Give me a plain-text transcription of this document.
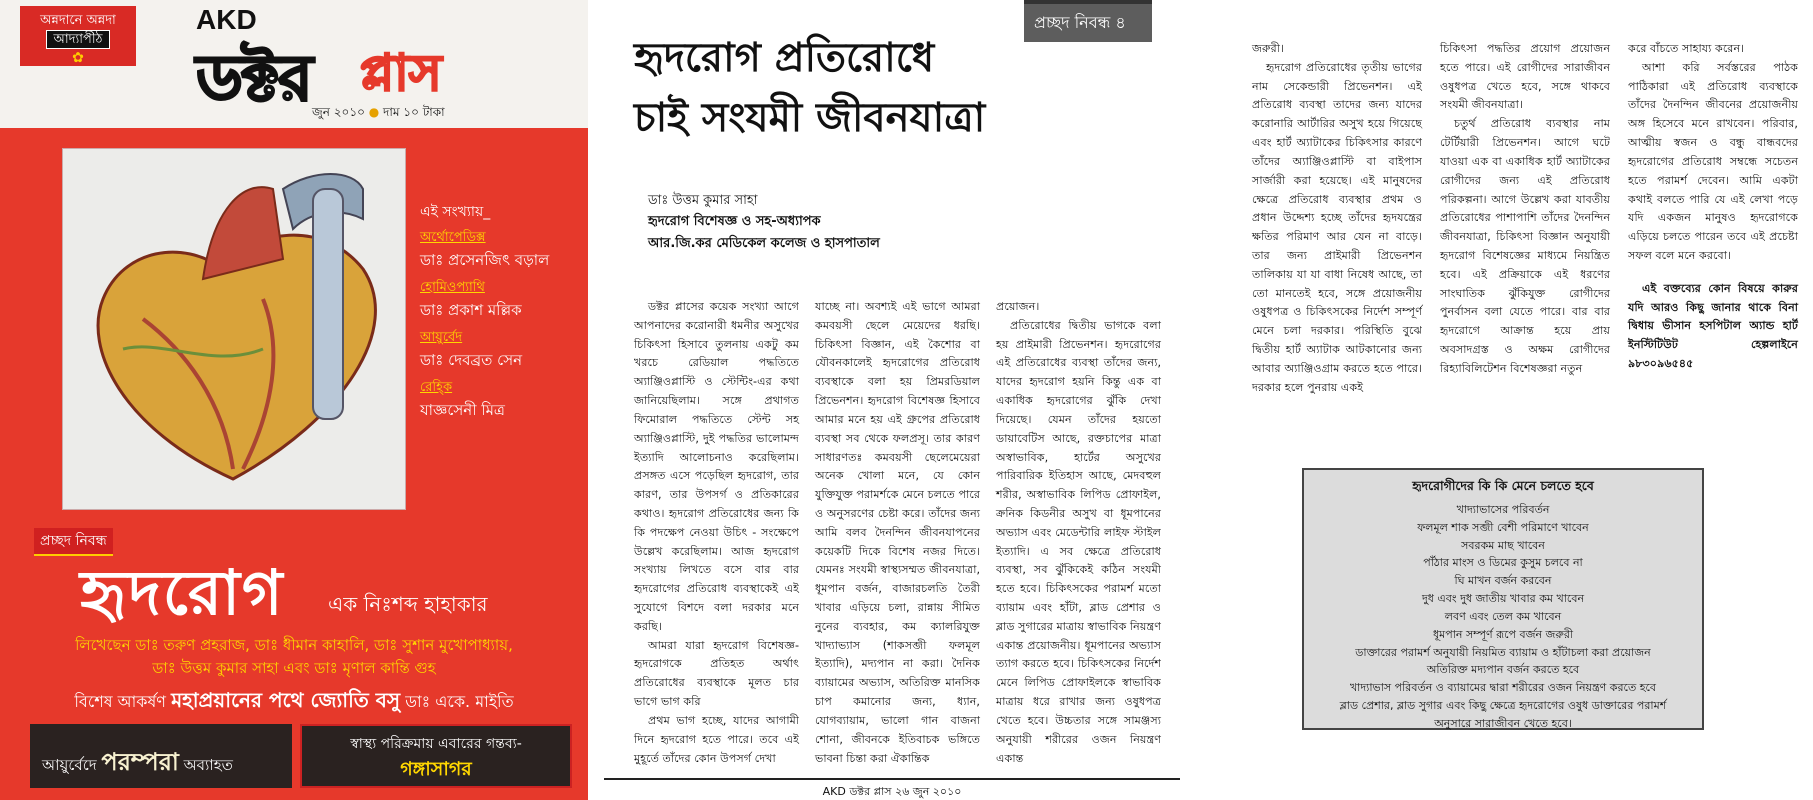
অন্নদানে অন্নদা
আদ্যাপীঠ
✿
AKD
ডক্টর প্লাস
জুন ২০১০ ● দাম ১০ টাকা
এই সংখ্যায়_
অর্থোপেডিক্স
ডাঃ প্রসেনজিৎ বড়াল
হোমিওপ্যাথি
ডাঃ প্রকাশ মল্লিক
আয়ুর্বেদ
ডাঃ দেবব্রত সেন
রেহ্কি
যাজ্ঞসেনী মিত্র
প্রচ্ছদ নিবন্ধ
হৃদরোগ এক নিঃশব্দ হাহাকার
লিখেছেন ডাঃ তরুণ প্রহরাজ, ডাঃ ধীমান কাহালি, ডাঃ সুশান মুখোপাধ্যায়,
ডাঃ উত্তম কুমার সাহা এবং ডাঃ মৃণাল কান্তি গুহ
বিশেষ আকর্ষণ মহাপ্রয়ানের পথে জ্যোতি বসু ডাঃ একে. মাইতি
আয়ুর্বেদে পরম্পরা অব্যাহত
স্বাস্থ্য পরিক্রমায় এবারের গন্তব্য-
গঙ্গাসাগর
প্রচ্ছদ নিবন্ধ ৪
হৃদরোগ প্রতিরোধে
চাই সংযমী জীবনযাত্রা
ডাঃ উত্তম কুমার সাহা
হৃদরোগ বিশেষজ্ঞ ও সহ-অধ্যাপক
আর.জি.কর মেডিকেল কলেজ ও হাসপাতাল

ডক্টর প্লাসের কয়েক সংখ্যা আগে আপনাদের করোনারী ধমনীর অসুখের চিকিৎসা হিসাবে তুলনায় একটু কম খরচে রেডিয়াল পদ্ধতিতে অ্যাঞ্জিওপ্লাস্টি ও স্টেন্টিং-এর কথা জানিয়েছিলাম। সঙ্গে প্রথাগত ফিমোরাল পদ্ধতিতে স্টেন্ট সহ অ্যাঞ্জিওপ্লাস্টি, দুই পদ্ধতির ভালোমন্দ ইত্যাদি আলোচনাও করেছিলাম। প্রসঙ্গত এসে পড়েছিল হৃদরোগ, তার কারণ, তার উপসর্গ ও প্রতিকারের কথাও। হৃদরোগ প্রতিরোধের জন্য কি কি পদক্ষেপ নেওয়া উচিৎ - সংক্ষেপে উল্লেখ করেছিলাম। আজ হৃদরোগ সংখ্যায় লিখতে বসে বার বার হৃদরোগের প্রতিরোধ ব্যবস্থাকেই এই সুযোগে বিশদে বলা দরকার মনে করছি।

আমরা যারা হৃদরোগ বিশেষজ্ঞ- হৃদরোগকে প্রতিহত অর্থাৎ প্রতিরোধের ব্যবস্থাকে মূলত চার ভাগে ভাগ করি

প্রথম ভাগ হচ্ছে, যাদের আগামী দিনে হৃদরোগ হতে পারে। তবে এই মুহূর্তে তাঁদের কোন উপসর্গ দেখা

যাচ্ছে না। অবশ্যই এই ভাগে আমরা কমবয়সী ছেলে মেয়েদের ধরছি। চিকিৎসা বিজ্ঞান, এই কৈশোর বা যৌবনকালেই হৃদরোগের প্রতিরোধ ব্যবস্থাকে বলা হয় প্রিমরডিয়াল প্রিভেনশন। হৃদরোগ বিশেষজ্ঞ হিসাবে আমার মনে হয় এই গ্রুপের প্রতিরোধ ব্যবস্থা সব থেকে ফলপ্রসূ। তার কারণ সাধারণতঃ কমবয়সী ছেলেমেয়েরা অনেক খোলা মনে, যে কোন যুক্তিযুক্ত পরামর্শকে মেনে চলতে পারে ও অনুসরণের চেষ্টা করে। তাঁদের জন্য আমি বলব দৈনন্দিন জীবনযাপনের কয়েকটি দিকে বিশেষ নজর দিতে। যেমনঃ সংযমী স্বাস্থ্যসম্মত জীবনযাত্রা, ধূমপান বর্জন, বাজারচলতি তৈরী খাবার এড়িয়ে চলা, রান্নায় সীমিত নুনের ব্যবহার, কম ক্যালরিযুক্ত খাদ্যাভ্যাস (শাকসব্জী ফলমূল ইত্যাদি), মদ্যপান না করা। দৈনিক ব্যায়ামের অভ্যাস, অতিরিক্ত মানসিক চাপ কমানোর জন্য, ধ্যান, যোগব্যায়াম, ভালো গান বাজনা শোনা, জীবনকে ইতিবাচক ভঙ্গিতে ভাবনা চিন্তা করা ঐকান্তিক

প্রয়োজন।

প্রতিরোধের দ্বিতীয় ভাগকে বলা হয় প্রাইমারী প্রিভেনশন। হৃদরোগের এই প্রতিরোধের ব্যবস্থা তাঁদের জন্য, যাদের হৃদরোগ হয়নি কিন্তু এক বা একাধিক হৃদরোগের ঝুঁকি দেখা দিয়েছে। যেমন তাঁদের হয়তো ডায়াবেটিস আছে, রক্তচাপের মাত্রা অস্বাভাবিক, হার্টের অসুখের পারিবারিক ইতিহাস আছে, মেদবহুল শরীর, অস্বাভাবিক লিপিড প্রোফাইল, ক্রনিক কিডনীর অসুখ বা ধূমপানের অভ্যাস এবং মেডেন্টারি লাইফ স্টাইল ইত্যাদি। এ সব ক্ষেত্রে প্রতিরোধ ব্যবস্থা, সব ঝুঁকিকেই কঠিন সংযমী হতে হবে। চিকিৎসকের পরামর্শ মতো ব্যায়াম এবং হাঁটা, ব্লাড প্রেশার ও ব্লাড সুগারের মাত্রায় স্বাভাবিক নিয়ন্ত্রণ একান্ত প্রয়োজনীয়। ধূমপানের অভ্যাস ত্যাগ করতে হবে। চিকিৎসকের নির্দেশ মেনে লিপিড প্রোফাইলকে স্বাভাবিক মাত্রায় ধরে রাখার জন্য ওষুধপত্র খেতে হবে। উচ্চতার সঙ্গে সামঞ্জস্য অনুযায়ী শরীরের ওজন নিয়ন্ত্রণ একান্ত

AKD ডক্টর প্লাস ২৬ জুন ২০১০

জরুরী।

হৃদরোগ প্রতিরোধের তৃতীয় ভাগের নাম সেকেন্ডারী প্রিভেনশন। এই প্রতিরোধ ব্যবস্থা তাদের জন্য যাদের করোনারি আর্টারির অসুখ হয়ে গিয়েছে এবং হার্ট অ্যাটাকের চিকিৎসার কারণে তাঁদের অ্যাঞ্জিওপ্লাস্টি বা বাইপাস সার্জারী করা হয়েছে। এই মানুষদের ক্ষেত্রে প্রতিরোধ ব্যবস্থার প্রথম ও প্রধান উদ্দেশ্য হচ্ছে তাঁদের হৃদযন্ত্রের ক্ষতির পরিমাণ আর যেন না বাড়ে। তার জন্য প্রাইমারী প্রিভেনশন তালিকায় যা যা বাধা নিষেধ আছে, তা তো মানতেই হবে, সঙ্গে প্রয়োজনীয় ওষুধপত্র ও চিকিৎসকের নির্দেশ সম্পূর্ণ মেনে চলা দরকার। পরিস্থিতি বুঝে দ্বিতীয় হার্ট অ্যাটাক আটকানোর জন্য আবার অ্যাঞ্জিওগ্রাম করতে হতে পারে। দরকার হলে পুনরায় একই

চিকিৎসা পদ্ধতির প্রয়োগ প্রয়োজন হতে পারে। এই রোগীদের সারাজীবন ওষুধপত্র খেতে হবে, সঙ্গে থাকবে সংযমী জীবনযাত্রা।

চতুর্থ প্রতিরোধ ব্যবস্থার নাম টের্টিয়ারী প্রিভেনশন। আগে ঘটে যাওয়া এক বা একাধিক হার্ট অ্যাটাকের রোগীদের জন্য এই প্রতিরোধ পরিকল্পনা। আগে উল্লেখ করা যাবতীয় প্রতিরোধের পাশাপাশি তাঁদের দৈনন্দিন জীবনযাত্রা, চিকিৎসা বিজ্ঞান অনুযায়ী হৃদরোগ বিশেষজ্ঞের মাধ্যমে নিয়ন্ত্রিত হবে। এই প্রক্রিয়াকে এই ধরণের সাংঘাতিক ঝুঁকিযুক্ত রোগীদের পুনর্বাসন বলা যেতে পারে। বার বার হৃদরোগে আক্রান্ত হয়ে প্রায় অবসাদগ্রস্ত ও অক্ষম রোগীদের রিহ্যাবিলিটেশন বিশেষজ্ঞরা নতুন

করে বাঁচতে সাহায্য করেন।

আশা করি সর্বস্তরের পাঠক পাঠিকারা এই প্রতিরোধ ব্যবস্থাকে তাঁদের দৈনন্দিন জীবনের প্রয়োজনীয় অঙ্গ হিসেবে মনে রাখবেন। পরিবার, আত্মীয় স্বজন ও বন্ধু বান্ধবদের হৃদরোগের প্রতিরোধ সম্বন্ধে সচেতন হতে পরামর্শ দেবেন। আমি একটা কথাই বলতে পারি যে এই লেখা পড়ে যদি একজন মানুষও হৃদরোগকে এড়িয়ে চলতে পারেন তবে এই প্রচেষ্টা সফল বলে মনে করবো।

এই বক্তব্যের কোন বিষয়ে কারুর যদি আরও কিছু জানার থাকে বিনা দ্বিধায় ভীসান হসপিটাল অ্যান্ড হার্ট ইনস্টিটিউট হেল্পলাইনে ৯৮৩০৯৬৫৪৫

হৃদরোগীদের কি কি মেনে চলতে হবে
খাদ্যাভাসের পরিবর্তন
ফলমূল শাক সব্জী বেশী পরিমাণে খাবেন
সবরকম মাছ খাবেন
পাঁঠার মাংস ও ডিমের কুসুম চলবে না
ঘি মাখন বর্জন করবেন
দুধ এবং দুধ জাতীয় খাবার কম খাবেন
লবণ এবং তেল কম খাবেন
ধূমপান সম্পূর্ণ রূপে বর্জন জরুরী
ডাক্তারের পরামর্শ অনুযায়ী নিয়মিত ব্যায়াম ও হাঁটাচলা করা প্রয়োজন
অতিরিক্ত মদ্যপান বর্জন করতে হবে
খাদ্যাভাস পরিবর্তন ও ব্যায়ামের দ্বারা শরীরের ওজন নিয়ন্ত্রণ করতে হবে
ব্লাড প্রেশার, ব্লাড সুগার এবং কিছু ক্ষেত্রে হৃদরোগের ওষুধ ডাক্তারের পরামর্শ
অনুসারে সারাজীবন খেতে হবে।
